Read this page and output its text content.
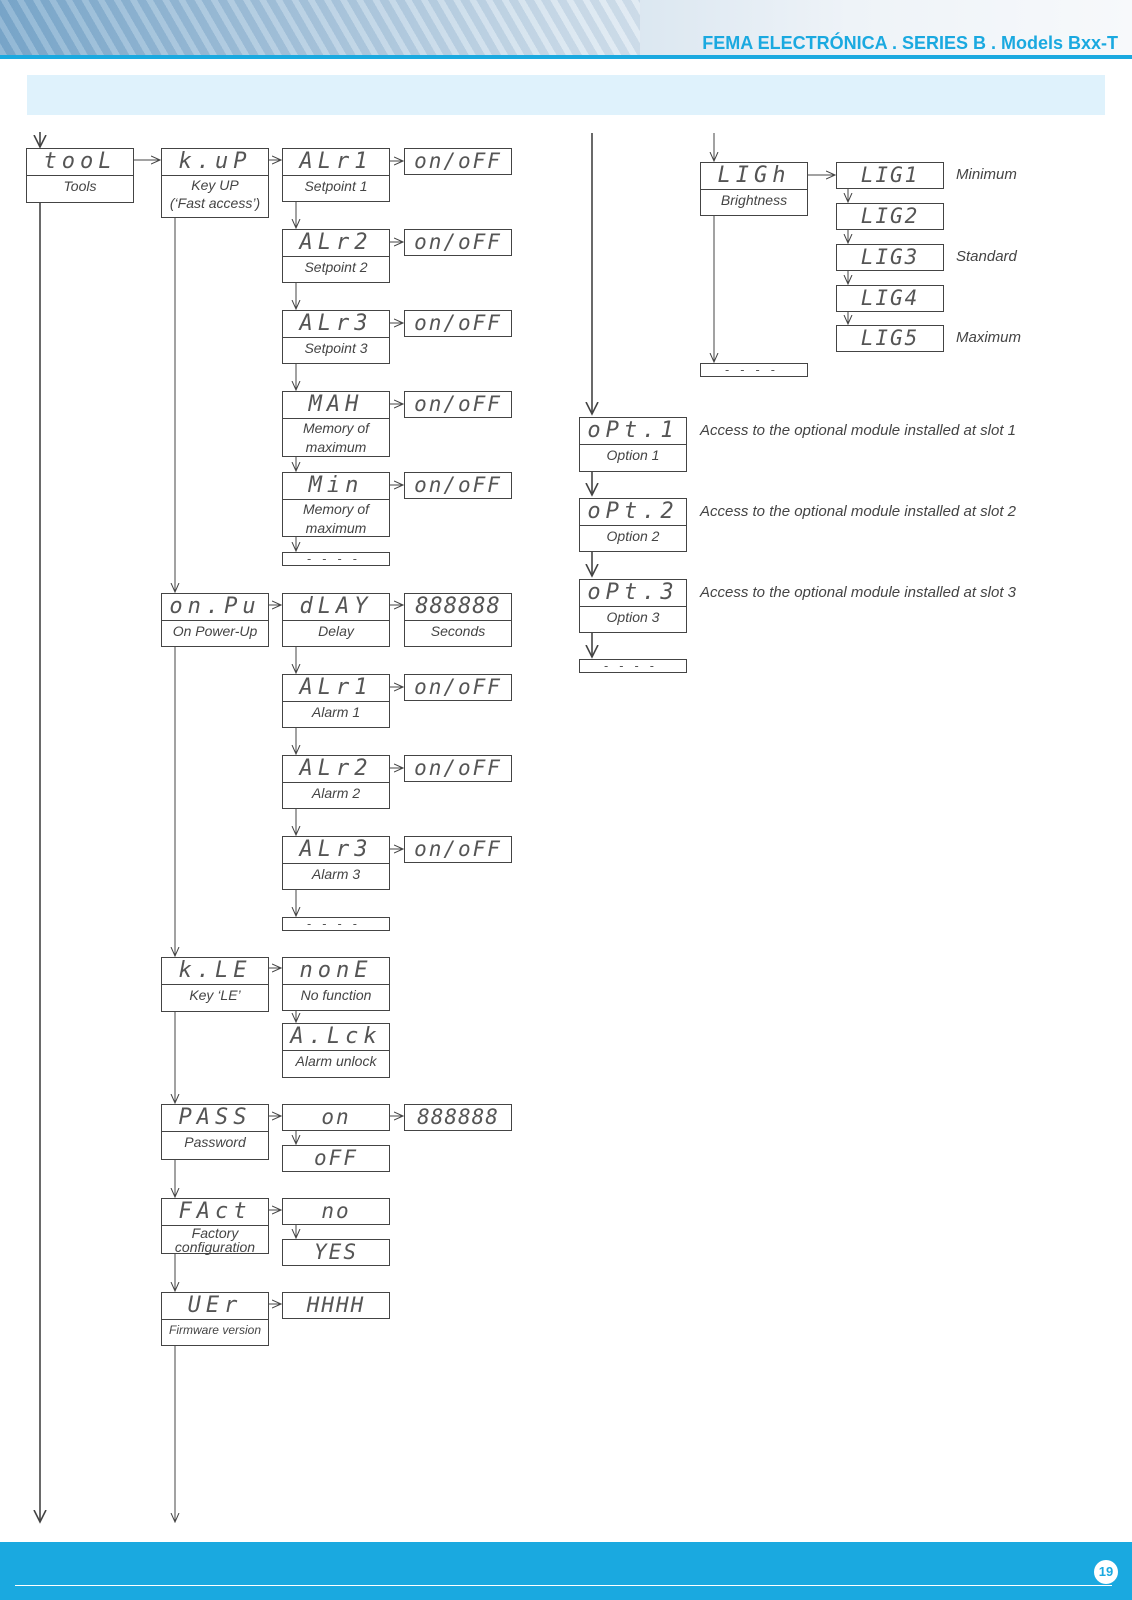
FEMA ELECTRÓNICA . SERIES B . Models Bxx-T
tooL
Tools
k.uP
Key UP
(‘Fast access’)
ALr1
Setpoint 1
on/oFF
ALr2
Setpoint 2
on/oFF
ALr3
Setpoint 3
on/oFF
MAH
Memory of
maximum
on/oFF
Min
Memory of
maximum
on/oFF
----
on.Pu
On Power-Up
dLAY
Delay
888888
Seconds
ALr1
Alarm 1
on/oFF
ALr2
Alarm 2
on/oFF
ALr3
Alarm 3
on/oFF
----
k.LE
Key ‘LE’
nonE
No function
A.Lck
Alarm unlock
PASS
Password
on	888888
oFF
FAct
Factory
configuration
no
YES
UEr
Firmware version
HHHH
LIGh
Brightness
LIG1	Minimum
LIG2
LIG3	Standard
LIG4
LIG5	Maximum
----
oPt.1
Option 1
Access to the optional module installed at slot 1
oPt.2
Option 2
Access to the optional module installed at slot 2
oPt.3
Option 3
Access to the optional module installed at slot 3
----
19
